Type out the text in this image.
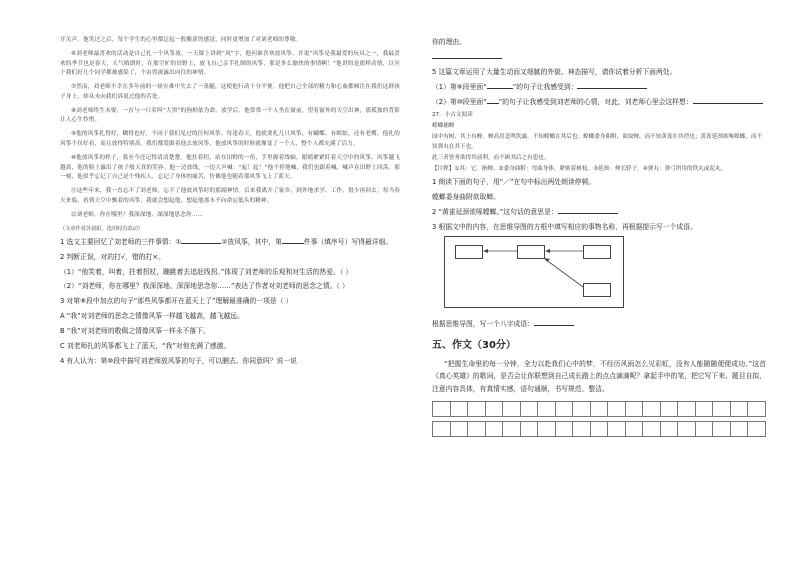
开关声。他笑过之后，每个学生的心里都泛起一股酸涩的感觉，同时更增加了对刘老师的尊敬。

⑥刘老师最喜欢的活动是自己扎一个风筝放。一天课上讲到“风”字，他问谁喜欢放风筝，并说“风筝是我最爱的玩具之一，我最喜欢的季节也是春天，天气晴朗时，在那空旷的田野上，放飞自己亲手扎制的风筝，那是多么愉快的事情啊！”他讲的是那样动情，以至于我们好几个同学都被感染了，不由得流露出向往的神情。

⑦然而，刘老师不幸在多年前的一场灾难中失去了一条腿，这使他行动十分不便。他把自己全部的精力和心血都倾注在我们这群孩子身上，却从未向我们诉说过他的苦处。

⑧刘老师终生未娶，一直与一只名叫“大黑”的狗相依为命。放学后，他常常一个人坐在窗前，望着窗外的天空出神，那孤独的背影让人心生怜惜。

⑨他的风筝扎得好，糊得也好，不同于我们见过的任何风筝。每逢春天，他就要扎几只风筝，有蝴蝶、有蜈蚣，还有老鹰。他扎的风筝不仅好看，而且放得特别高。我们都爱跟着他去放风筝，他放风筝的时候就像变了一个人，整个人都充满了活力。

⑩他放风筝的样子，我至今还记得清清楚楚。他拄着拐，站在田野的一角，手里握着线轴，眼睛紧紧盯着天空中的风筝。风筝越飞越高，他的脸上露出了孩子般天真的笑容。他一边放线，一边大声喊：“起！起！”他不停地喊，我们也跟着喊，喊声在田野上回荡。那一刻，他似乎忘记了自己是个残疾人，忘记了身体的痛苦，仿佛他也随着那风筝飞上了蓝天。

⑪这些年来，我一直忘不了刘老师，忘不了他放风筝时的那副神情。后来我离开了家乡，到外地求学、工作，很少再回去。每当春天来临，看到天空中飘着的风筝，我就会想起他，想起他那永不向命运低头的精神。

⑫刘老师，你在哪里？我深深地、深深地思念你……

（文章作者苏叔阳，选用时有改动）

1 选文主要回忆了刘老师的三件事情：①	②放风筝，其中，第	件事（填序号）写得最详细。

2 判断正误，对的打√，错的打×。

（1）“他笑着，叫着，拄着拐杖，蹦跳着去追赶线拐。”体现了刘老师的乐观和对生活的热爱。（ ）

（2）“刘老师，你在哪里？我深深地、深深地思念你……”表达了作者对刘老师的思念之情。（ ）

3 对第⑧段中加点的句子“那些风筝都开在蓝天上了”理解最准确的一项是（ ）

A “我”对刘老师的思念之情像风筝一样越飞越高，越飞越远。

B “我”对刘老师的敬佩之情像风筝一样永不落下。

C 刘老师扎的风筝都飞上了蓝天，“我”对他充满了感激。

4 有人认为：第⑩段中描写刘老师放风筝的句子，可以删去。你同意吗？说一说

你的理由。

5 这篇文章运用了大量生动而又细腻的外貌、神态描写，请你试着分析下面两处。

（1）第⑥段里面“	”的句子让我感受到：

（2）第⑩段里面“ ”的句子让我感受到刘老师的心情，对此，刘老师心里会这样想：

27．小古文阅读

螳螂捕蝉

园中有树，其上有蝉。蝉高居悲鸣饮露，不知螳螂在其后也；螳螂委身曲附，欲取蝉，而不知黄雀在其傍也；黄雀延颈欲啄螳螂，而不知弹丸在其下也。

此三者皆务欲得其前利，而不顾其后之有患也。

【注释】①其：它，指蝉。②委身曲附：弯曲身体，紧贴着树枝。③延颈：伸长脖子。④弹丸：弹弓所用的铁丸或泥丸。

1 朗读下面的句子，用“／”在句中标出两处朗读停顿。

螳螂委身曲附欲取蝉。

2 “黄雀延颈欲啄螳螂。”这句话的意思是：

3 根据文中的内容，在思维导图的方框中填写相应的事物名称，再根据提示写一个成语。

根据思维导图，写一个八字成语：

五、作文（30分）

“把握生命里的每一分钟，全力以赴我们心中的梦，不经历风雨怎么见彩虹，没有人能随随便便成功。”这首《真心英雄》的歌词，是否会让你联想到自己成长路上的点点滴滴呢？拿起手中的笔，把它写下来。题目自拟，注意内容具体，有真情实感，语句通顺，书写规范、整洁。
